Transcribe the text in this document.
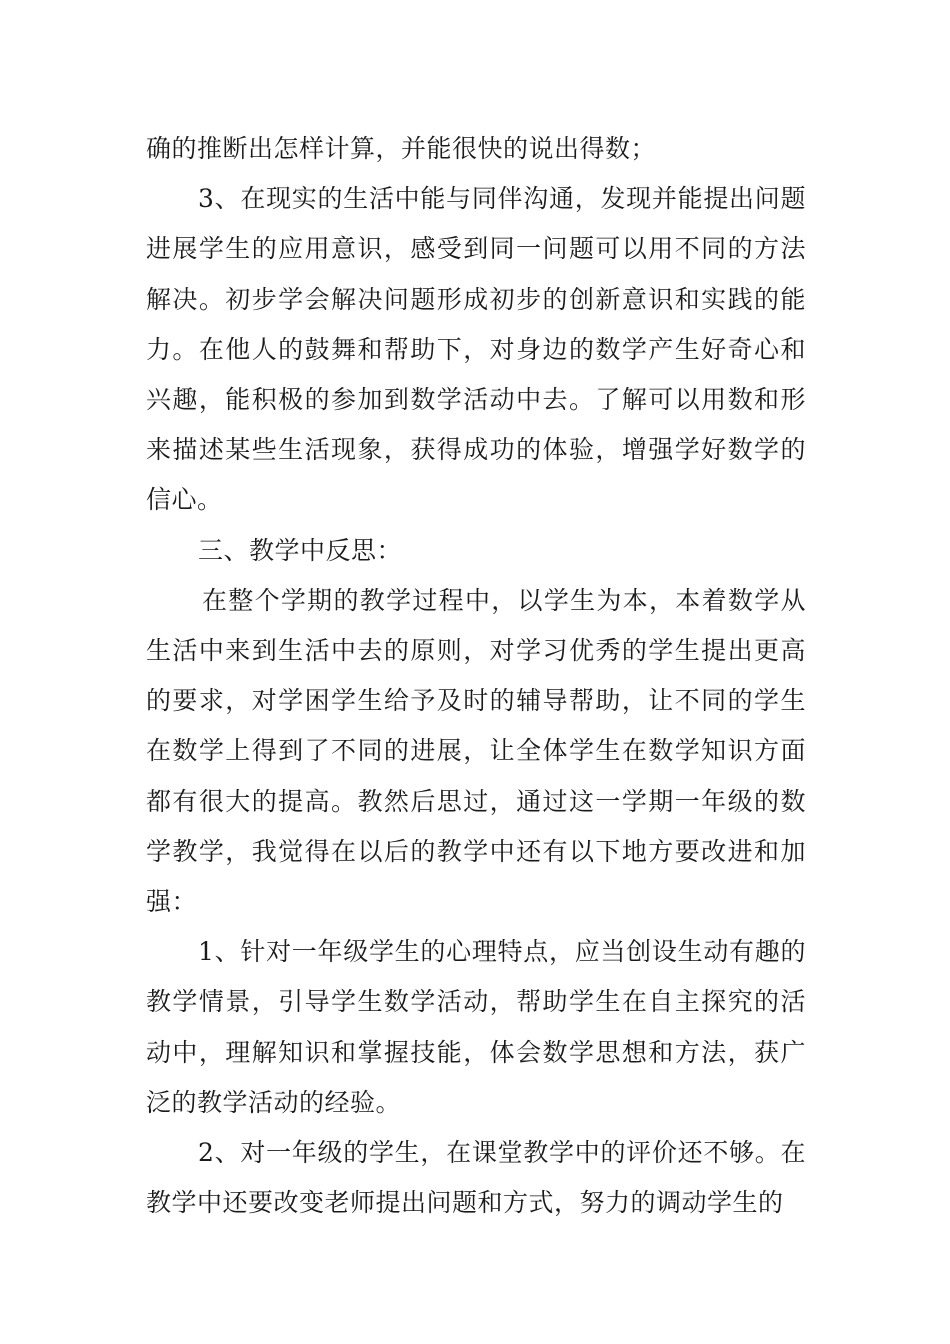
确的推断出怎样计算，并能很快的说出得数；

3、在现实的生活中能与同伴沟通，发现并能提出问题进展学生的应用意识，感受到同一问题可以用不同的方法解决。初步学会解决问题形成初步的创新意识和实践的能力。在他人的鼓舞和帮助下，对身边的数学产生好奇心和兴趣，能积极的参加到数学活动中去。了解可以用数和形来描述某些生活现象，获得成功的体验，增强学好数学的信心。

三、教学中反思：

在整个学期的教学过程中，以学生为本，本着数学从生活中来到生活中去的原则，对学习优秀的学生提出更高的要求，对学困学生给予及时的辅导帮助，让不同的学生在数学上得到了不同的进展，让全体学生在数学知识方面都有很大的提高。教然后思过，通过这一学期一年级的数学教学，我觉得在以后的教学中还有以下地方要改进和加强：

1、针对一年级学生的心理特点，应当创设生动有趣的教学情景，引导学生数学活动，帮助学生在自主探究的活动中，理解知识和掌握技能，体会数学思想和方法，获广泛的教学活动的经验。

2、对一年级的学生，在课堂教学中的评价还不够。在教学中还要改变老师提出问题和方式，努力的调动学生的
